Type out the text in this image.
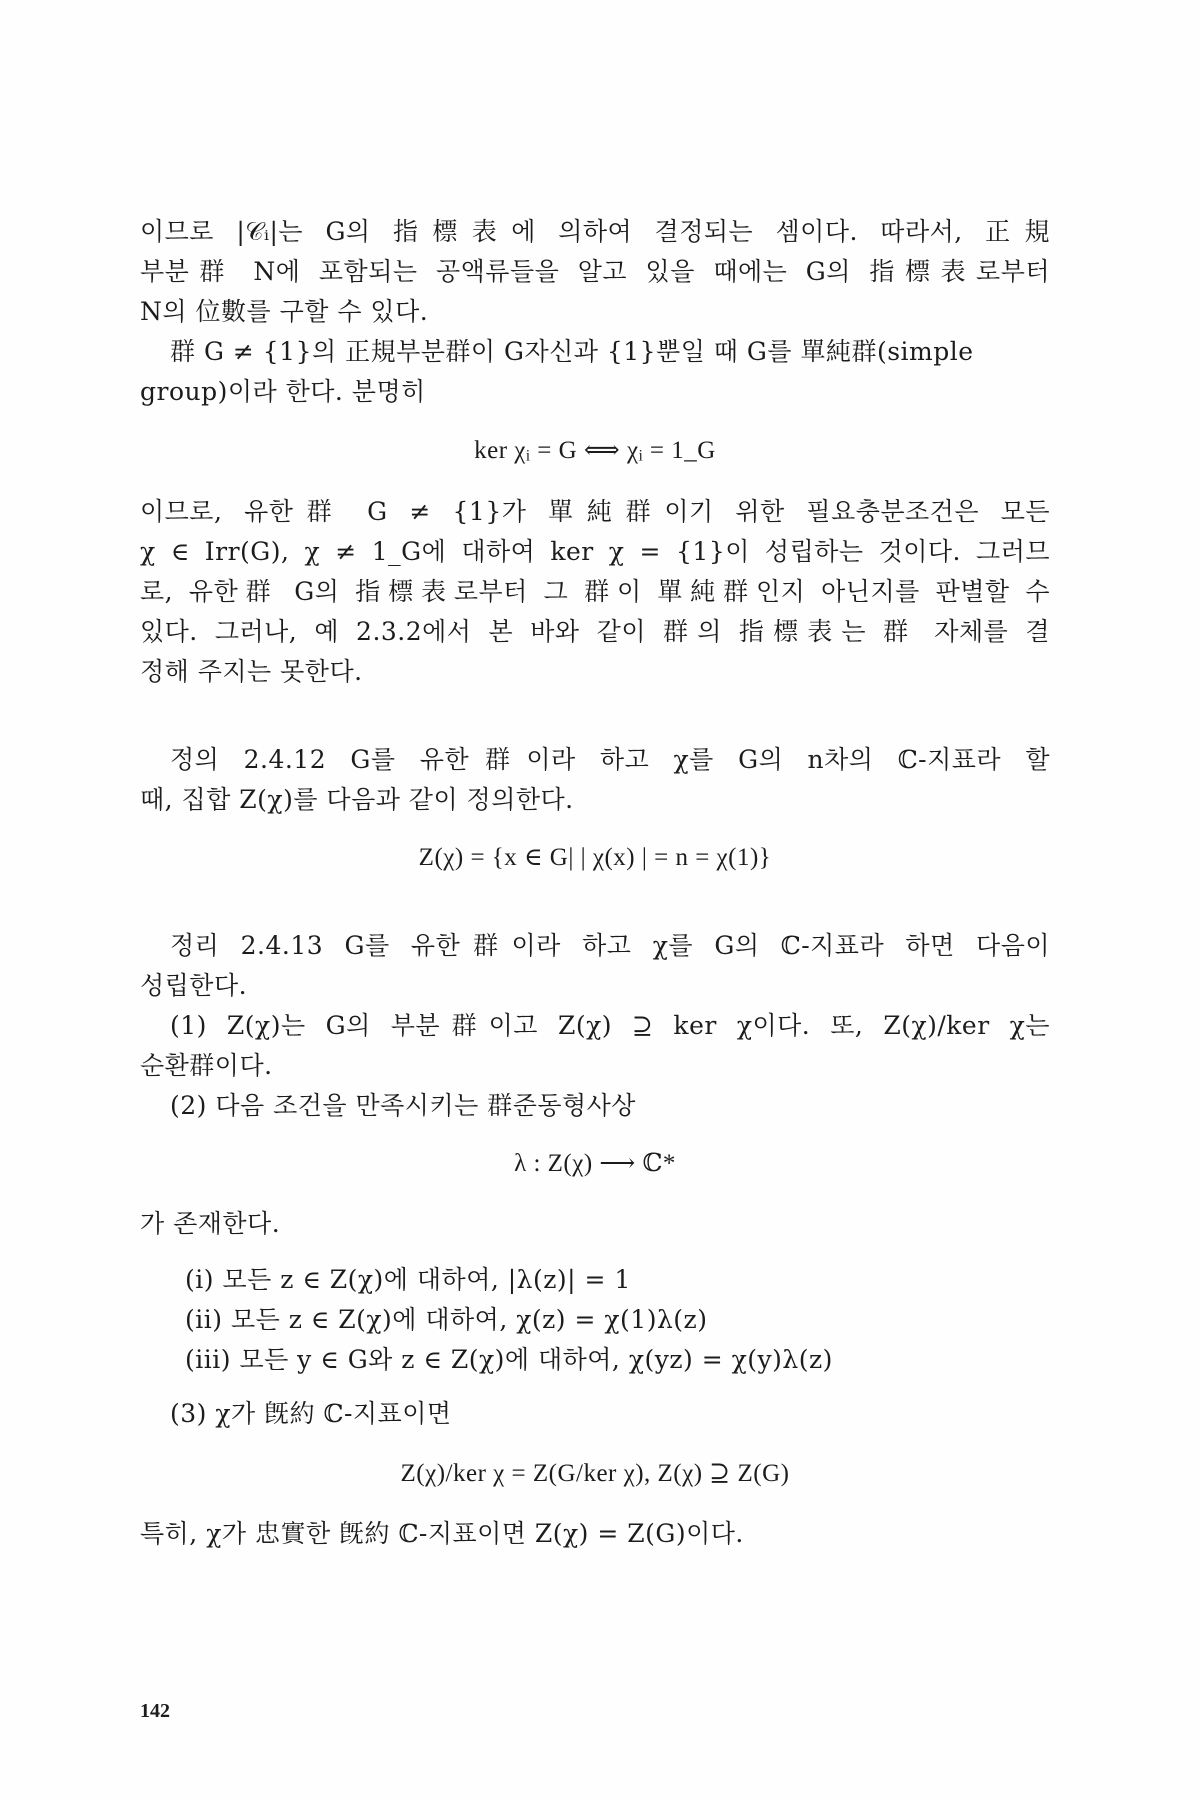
이므로 |𝒞ᵢ|는 G의 指標表에 의하여 결정되는 셈이다. 따라서, 正規
부분群 N에 포함되는 공액류들을 알고 있을 때에는 G의 指標表로부터
N의 位數를 구할 수 있다.
群 G ≠ {1}의 正規부분群이 G자신과 {1}뿐일 때 G를 單純群(simple
group)이라 한다. 분명히
ker χᵢ = G ⟺ χᵢ = 1_G
이므로, 유한群 G ≠ {1}가 單純群이기 위한 필요충분조건은 모든
χ ∈ Irr(G), χ ≠ 1_G에 대하여 ker χ = {1}이 성립하는 것이다. 그러므
로, 유한群 G의 指標表로부터 그 群이 單純群인지 아닌지를 판별할 수
있다. 그러나, 예 2.3.2에서 본 바와 같이 群의 指標表는 群 자체를 결
정해 주지는 못한다.
정의 2.4.12 G를 유한群이라 하고 χ를 G의 n차의 ℂ-지표라 할
때, 집합 Z(χ)를 다음과 같이 정의한다.
Z(χ) = {x ∈ G| | χ(x) | = n = χ(1)}
정리 2.4.13 G를 유한群이라 하고 χ를 G의 ℂ-지표라 하면 다음이
성립한다.
(1) Z(χ)는 G의 부분群이고 Z(χ) ⊇ ker χ이다. 또, Z(χ)/ker χ는
순환群이다.
(2) 다음 조건을 만족시키는 群준동형사상
λ : Z(χ) ⟶ ℂ*
가 존재한다.
(i) 모든 z ∈ Z(χ)에 대하여, |λ(z)| = 1
(ii) 모든 z ∈ Z(χ)에 대하여, χ(z) = χ(1)λ(z)
(iii) 모든 y ∈ G와 z ∈ Z(χ)에 대하여, χ(yz) = χ(y)λ(z)
(3) χ가 旣約 ℂ-지표이면
Z(χ)/ker χ = Z(G/ker χ), Z(χ) ⊇ Z(G)
특히, χ가 忠實한 旣約 ℂ-지표이면 Z(χ) = Z(G)이다.
142
